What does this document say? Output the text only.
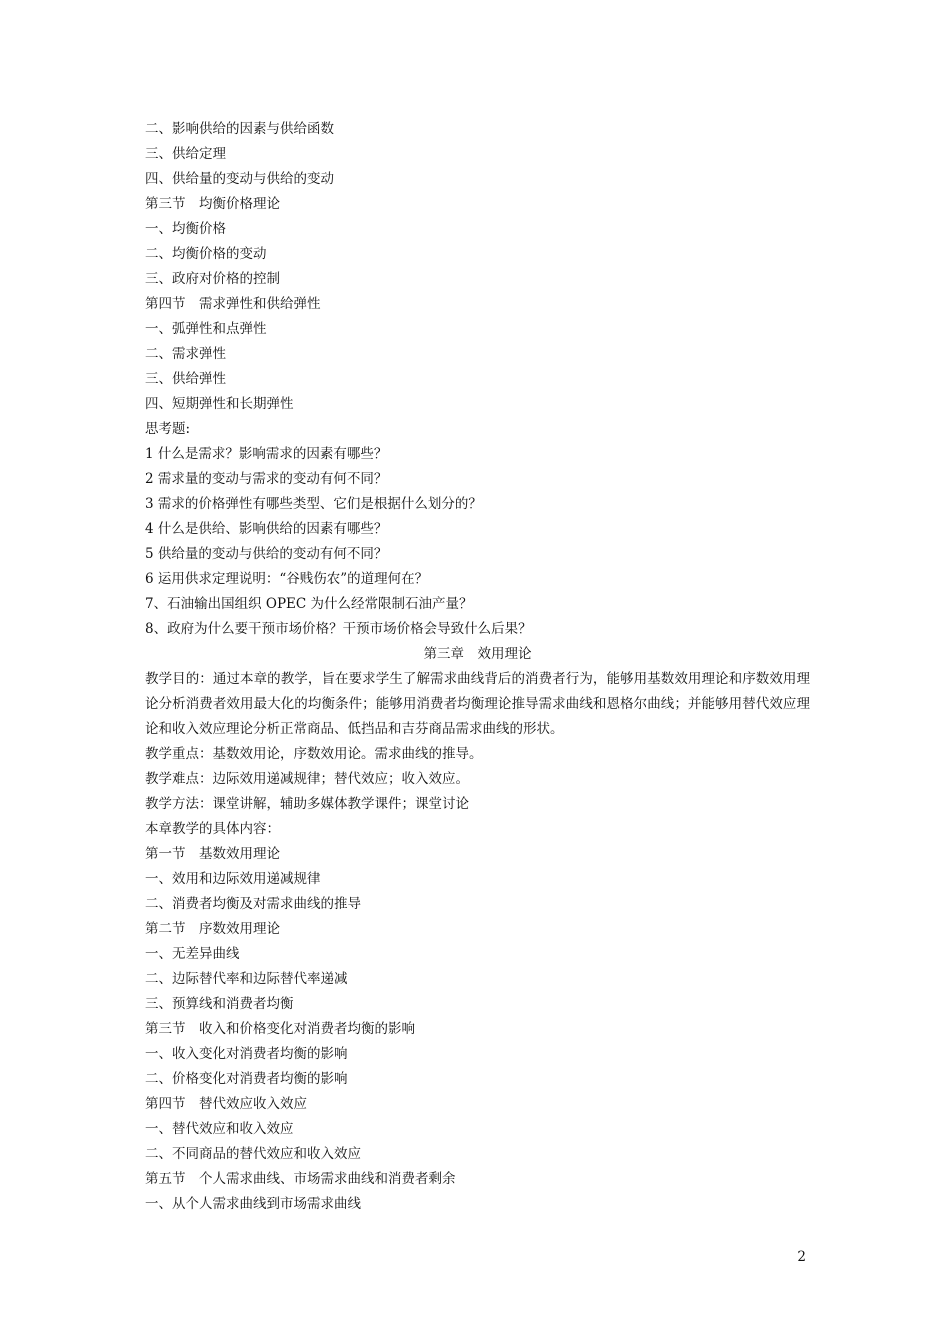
二、影响供给的因素与供给函数
三、供给定理
四、供给量的变动与供给的变动
第三节　均衡价格理论
一、均衡价格
二、均衡价格的变动
三、政府对价格的控制
第四节　需求弹性和供给弹性
一、弧弹性和点弹性
二、需求弹性
三、供给弹性
四、短期弹性和长期弹性
思考题:
1 什么是需求？影响需求的因素有哪些？
2 需求量的变动与需求的变动有何不同？
3 需求的价格弹性有哪些类型、它们是根据什么划分的？
4 什么是供给、影响供给的因素有哪些？
5 供给量的变动与供给的变动有何不同？
6 运用供求定理说明：“谷贱伤农”的道理何在？
7、石油输出国组织 OPEC 为什么经常限制石油产量？
8、政府为什么要干预市场价格？干预市场价格会导致什么后果？
第三章　效用理论
教学目的：通过本章的教学，旨在要求学生了解需求曲线背后的消费者行为，能够用基数效用理论和序数效用理论分析消费者效用最大化的均衡条件；能够用消费者均衡理论推导需求曲线和恩格尔曲线；并能够用替代效应理论和收入效应理论分析正常商品、低挡品和吉芬商品需求曲线的形状。
教学重点：基数效用论，序数效用论。需求曲线的推导。
教学难点：边际效用递减规律；替代效应；收入效应。
教学方法：课堂讲解，辅助多媒体教学课件；课堂讨论
本章教学的具体内容：
第一节　基数效用理论
一、效用和边际效用递减规律
二、消费者均衡及对需求曲线的推导
第二节　序数效用理论
一、无差异曲线
二、边际替代率和边际替代率递减
三、预算线和消费者均衡
第三节　收入和价格变化对消费者均衡的影响
一、收入变化对消费者均衡的影响
二、价格变化对消费者均衡的影响
第四节　替代效应收入效应
一、替代效应和收入效应
二、不同商品的替代效应和收入效应
第五节　个人需求曲线、市场需求曲线和消费者剩余
一、从个人需求曲线到市场需求曲线
2
